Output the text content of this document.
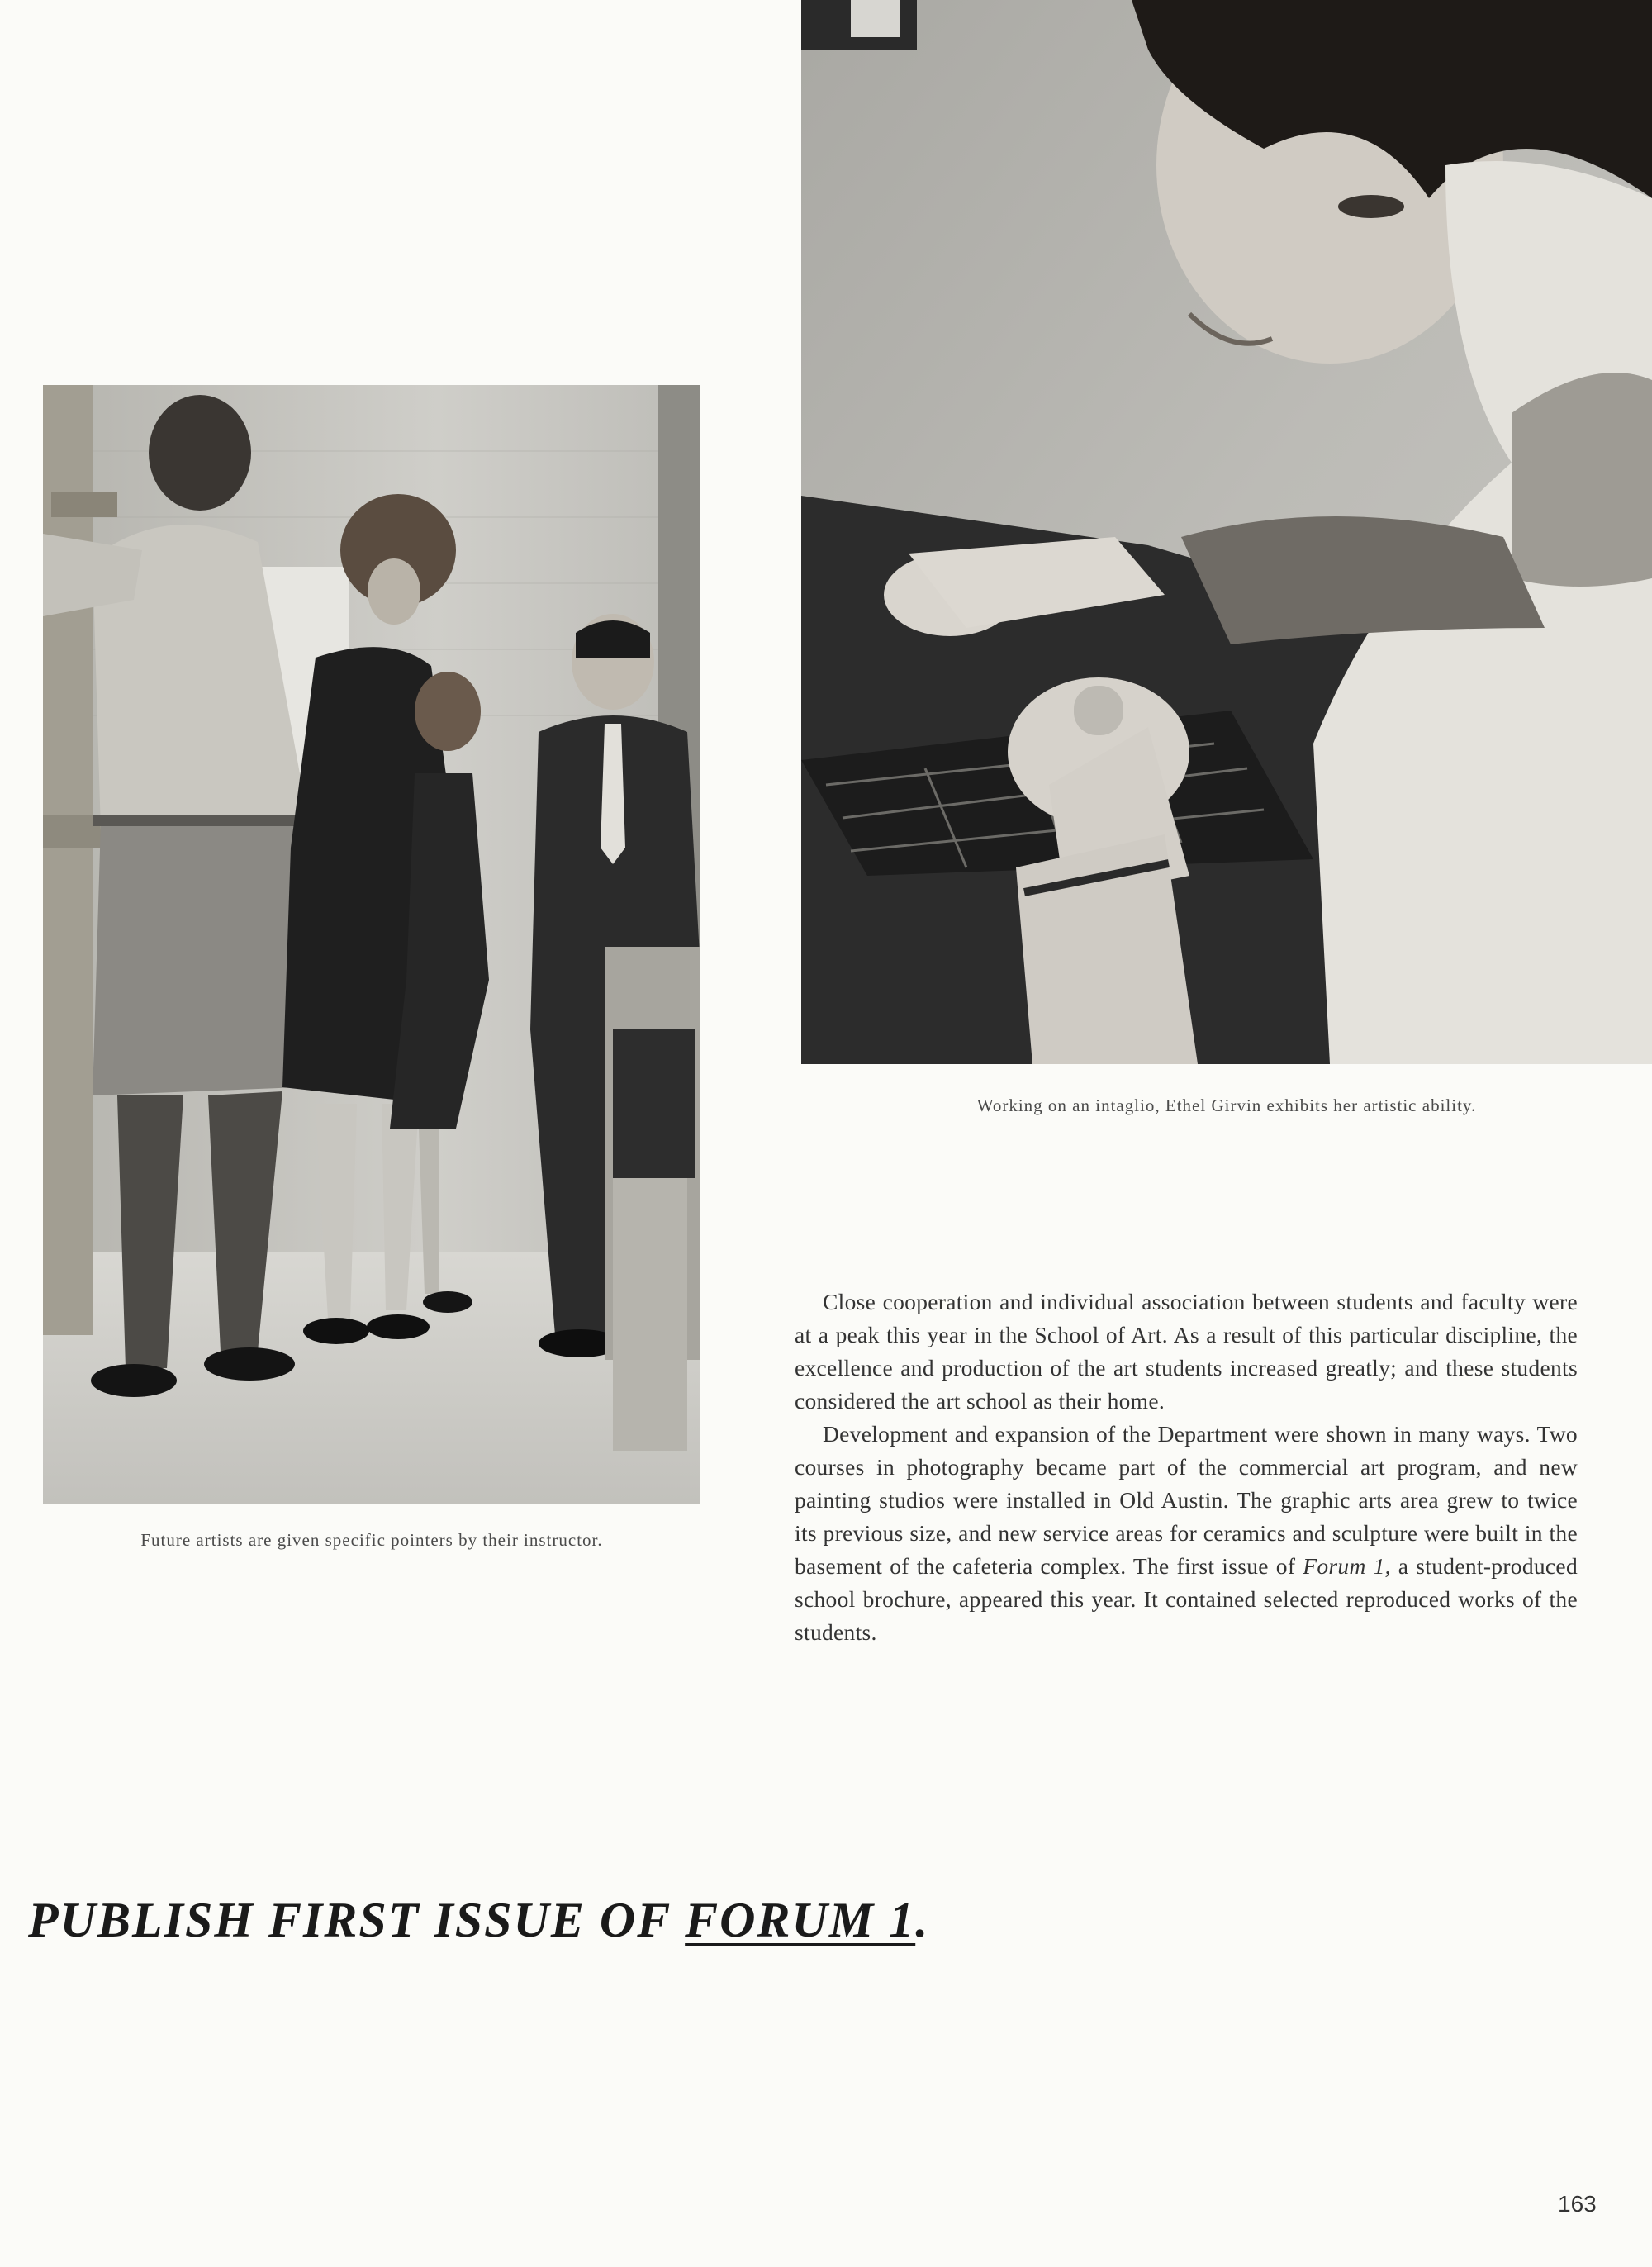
Future artists are given specific pointers by their instructor.
Working on an intaglio, Ethel Girvin exhibits her artistic ability.

Close cooperation and individual association between students and faculty were at a peak this year in the School of Art. As a result of this particular discipline, the excellence and production of the art students increased greatly; and these students considered the art school as their home.

Development and expansion of the Department were shown in many ways. Two courses in photography became part of the commercial art program, and new painting studios were installed in Old Austin. The graphic arts area grew to twice its previous size, and new service areas for ceramics and sculpture were built in the basement of the cafeteria complex. The first issue of Forum 1, a student-produced school brochure, appeared this year. It contained selected reproduced works of the students.

PUBLISH FIRST ISSUE OF FORUM 1.
163
